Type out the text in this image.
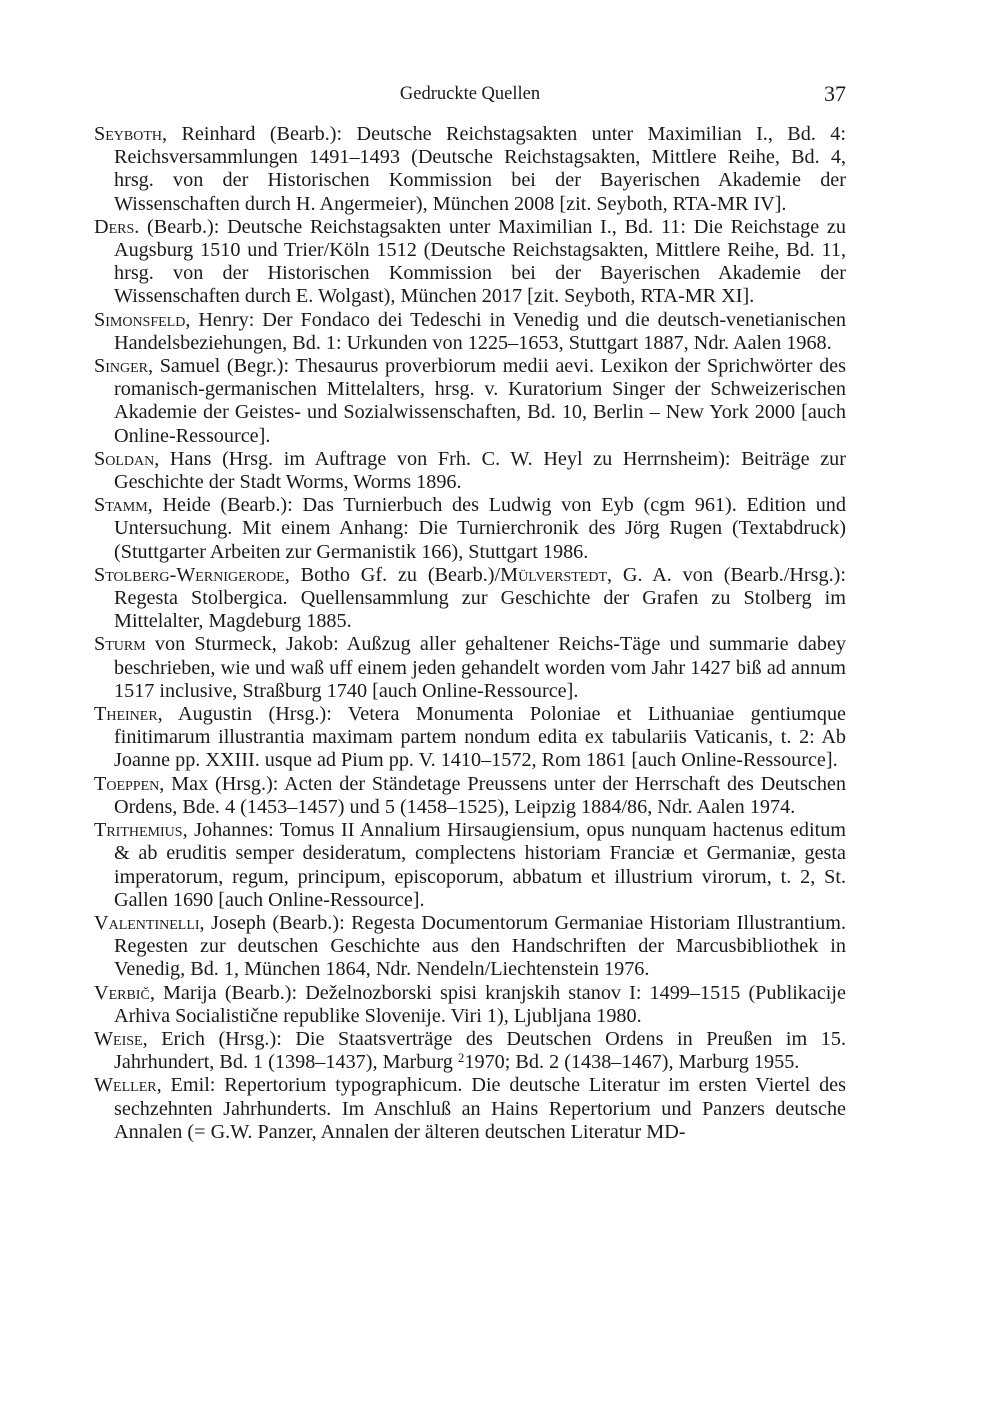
Gedruckte Quellen	37

Seyboth, Reinhard (Bearb.): Deutsche Reichstagsakten unter Maximilian I., Bd. 4: Reichsversammlungen 1491–1493 (Deutsche Reichstagsakten, Mittlere Reihe, Bd. 4, hrsg. von der Historischen Kommission bei der Bayerischen Akademie der Wissenschaften durch H. Angermeier), München 2008 [zit. Seyboth, RTA-MR IV].

Ders. (Bearb.): Deutsche Reichstagsakten unter Maximilian I., Bd. 11: Die Reichstage zu Augsburg 1510 und Trier/Köln 1512 (Deutsche Reichstagsakten, Mittlere Reihe, Bd. 11, hrsg. von der Historischen Kommission bei der Bayerischen Akademie der Wissenschaften durch E. Wolgast), München 2017 [zit. Seyboth, RTA-MR XI].

Simonsfeld, Henry: Der Fondaco dei Tedeschi in Venedig und die deutsch-venetianischen Handelsbeziehungen, Bd. 1: Urkunden von 1225–1653, Stuttgart 1887, Ndr. Aalen 1968.

Singer, Samuel (Begr.): Thesaurus proverbiorum medii aevi. Lexikon der Sprichwörter des romanisch-germanischen Mittelalters, hrsg. v. Kuratorium Singer der Schweizerischen Akademie der Geistes- und Sozialwissenschaften, Bd. 10, Berlin – New York 2000 [auch Online-Ressource].

Soldan, Hans (Hrsg. im Auftrage von Frh. C. W. Heyl zu Herrnsheim): Beiträge zur Geschichte der Stadt Worms, Worms 1896.

Stamm, Heide (Bearb.): Das Turnierbuch des Ludwig von Eyb (cgm 961). Edition und Untersuchung. Mit einem Anhang: Die Turnierchronik des Jörg Rugen (Textabdruck) (Stuttgarter Arbeiten zur Germanistik 166), Stuttgart 1986.

Stolberg-Wernigerode, Botho Gf. zu (Bearb.)/Mülverstedt, G. A. von (Bearb./Hrsg.): Regesta Stolbergica. Quellensammlung zur Geschichte der Grafen zu Stolberg im Mittelalter, Magdeburg 1885.

Sturm von Sturmeck, Jakob: Außzug aller gehaltener Reichs-Täge und summarie dabey beschrieben, wie und waß uff einem jeden gehandelt worden vom Jahr 1427 biß ad annum 1517 inclusive, Straßburg 1740 [auch Online-Ressource].

Theiner, Augustin (Hrsg.): Vetera Monumenta Poloniae et Lithuaniae gentiumque finitimarum illustrantia maximam partem nondum edita ex tabulariis Vaticanis, t. 2: Ab Joanne pp. XXIII. usque ad Pium pp. V. 1410–1572, Rom 1861 [auch Online-Ressource].

Toeppen, Max (Hrsg.): Acten der Ständetage Preussens unter der Herrschaft des Deutschen Ordens, Bde. 4 (1453–1457) und 5 (1458–1525), Leipzig 1884/86, Ndr. Aalen 1974.

Trithemius, Johannes: Tomus II Annalium Hirsaugiensium, opus nunquam hactenus editum & ab eruditis semper desideratum, complectens historiam Franciæ et Germaniæ, gesta imperatorum, regum, principum, episcoporum, abbatum et illustrium virorum, t. 2, St. Gallen 1690 [auch Online-Ressource].

Valentinelli, Joseph (Bearb.): Regesta Documentorum Germaniae Historiam Illustrantium. Regesten zur deutschen Geschichte aus den Handschriften der Marcusbibliothek in Venedig, Bd. 1, München 1864, Ndr. Nendeln/Liechtenstein 1976.

Verbič, Marija (Bearb.): Deželnozborski spisi kranjskih stanov I: 1499–1515 (Publikacije Arhiva Socialistične republike Slovenije. Viri 1), Ljubljana 1980.

Weise, Erich (Hrsg.): Die Staatsverträge des Deutschen Ordens in Preußen im 15. Jahrhundert, Bd. 1 (1398–1437), Marburg $^2$1970; Bd. 2 (1438–1467), Marburg 1955.

Weller, Emil: Repertorium typographicum. Die deutsche Literatur im ersten Viertel des sechzehnten Jahrhunderts. Im Anschluß an Hains Repertorium und Panzers deutsche Annalen (= G.W. Panzer, Annalen der älteren deutschen Literatur MD-
